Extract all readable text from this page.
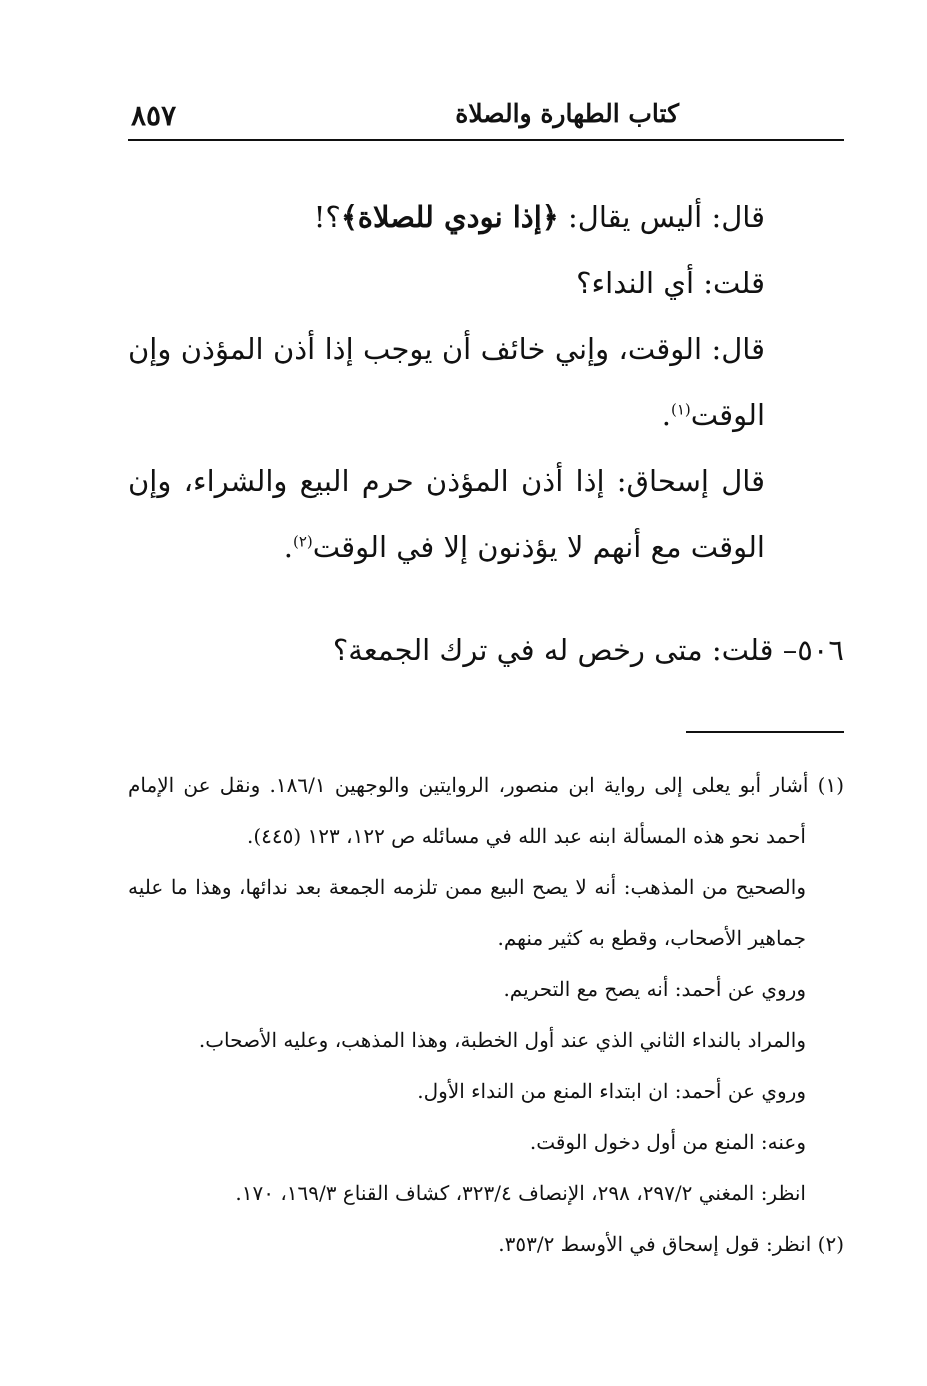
كتاب الطهارة والصلاة
٨٥٧
قال: أليس يقال: ﴿إذا نودي للصلاة﴾؟!
قلت: أي النداء؟
قال: الوقت، وإني خائف أن يوجب إذا أذن المؤذن وإن
الوقت$^{(١)}$.
قال إسحاق: إذا أذن المؤذن حرم البيع والشراء، وإن
الوقت مع أنهم لا يؤذنون إلا في الوقت$^{(٢)}$.
٥٠٦– قلت: متى رخص له في ترك الجمعة؟
(١) أشار أبو يعلى إلى رواية ابن منصور، الروايتين والوجهين ١٨٦/١. ونقل عن الإمام
أحمد نحو هذه المسألة ابنه عبد الله في مسائله ص ١٢٢، ١٢٣ (٤٤٥).
والصحيح من المذهب: أنه لا يصح البيع ممن تلزمه الجمعة بعد ندائها، وهذا ما عليه
جماهير الأصحاب، وقطع به كثير منهم.
وروي عن أحمد: أنه يصح مع التحريم.
والمراد بالنداء الثاني الذي عند أول الخطبة، وهذا المذهب، وعليه الأصحاب.
وروي عن أحمد: ان ابتداء المنع من النداء الأول.
وعنه: المنع من أول دخول الوقت.
انظر: المغني ٢٩٧/٢، ٢٩٨، الإنصاف ٣٢٣/٤، كشاف القناع ١٦٩/٣، ١٧٠.
(٢) انظر: قول إسحاق في الأوسط ٣٥٣/٢.
